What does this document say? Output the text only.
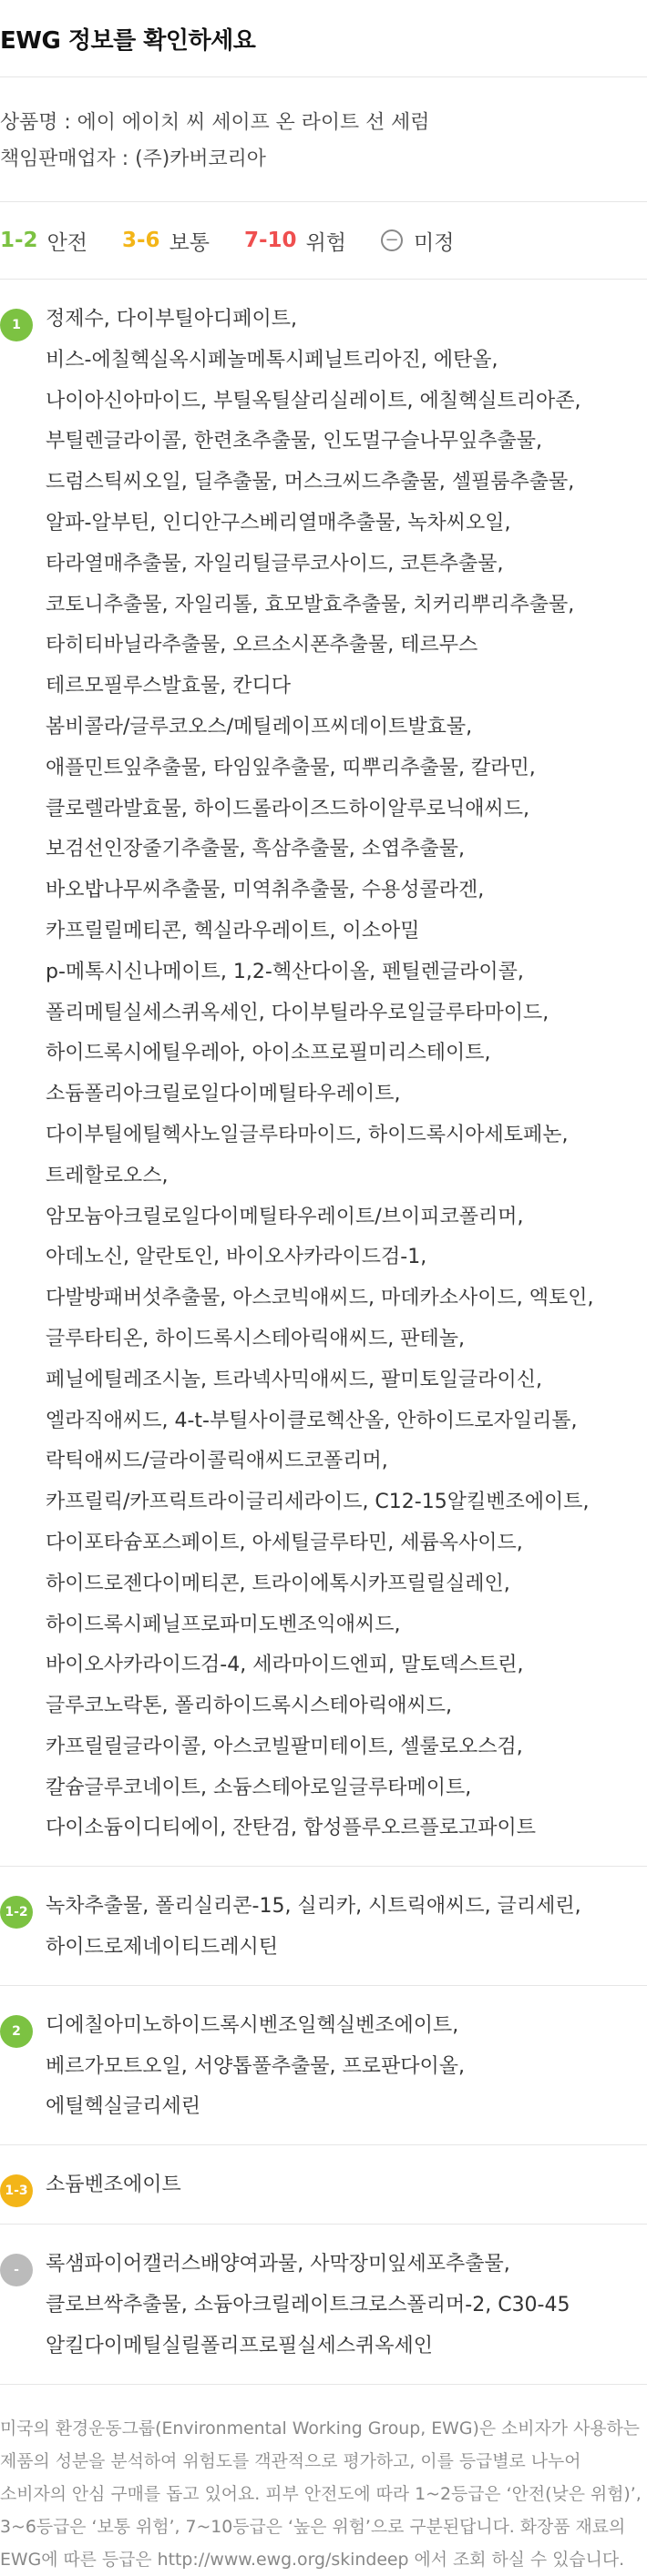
EWG 정보를 확인하세요
상품명 : 에이 에이치 씨 세이프 온 라이트 선 세럼
책임판매업자 : (주)카버코리아
1-2 안전 3-6 보통 7-10 위험 − 미정
1	정제수, 다이부틸아디페이트,
비스-에칠헥실옥시페놀메톡시페닐트리아진, 에탄올,
나이아신아마이드, 부틸옥틸살리실레이트, 에칠헥실트리아존,
부틸렌글라이콜, 한련초추출물, 인도멀구슬나무잎추출물,
드럼스틱씨오일, 딜추출물, 머스크씨드추출물, 셀필룸추출물,
알파-알부틴, 인디안구스베리열매추출물, 녹차씨오일,
타라열매추출물, 자일리틸글루코사이드, 코튼추출물,
코토니추출물, 자일리톨, 효모발효추출물, 치커리뿌리추출물,
타히티바닐라추출물, 오르소시폰추출물, 테르무스
테르모필루스발효물, 칸디다
봄비콜라/글루코오스/메틸레이프씨데이트발효물,
애플민트잎추출물, 타임잎추출물, 띠뿌리추출물, 칼라민,
클로렐라발효물, 하이드롤라이즈드하이알루로닉애씨드,
보검선인장줄기추출물, 흑삼추출물, 소엽추출물,
바오밥나무씨추출물, 미역취추출물, 수용성콜라겐,
카프릴릴메티콘, 헥실라우레이트, 이소아밀
p-메톡시신나메이트, 1,2-헥산다이올, 펜틸렌글라이콜,
폴리메틸실세스퀴옥세인, 다이부틸라우로일글루타마이드,
하이드록시에틸우레아, 아이소프로필미리스테이트,
소듐폴리아크릴로일다이메틸타우레이트,
다이부틸에틸헥사노일글루타마이드, 하이드록시아세토페논,
트레할로오스,
암모늄아크릴로일다이메틸타우레이트/브이피코폴리머,
아데노신, 알란토인, 바이오사카라이드검-1,
다발방패버섯추출물, 아스코빅애씨드, 마데카소사이드, 엑토인,
글루타티온, 하이드록시스테아릭애씨드, 판테놀,
페닐에틸레조시놀, 트라넥사믹애씨드, 팔미토일글라이신,
엘라직애씨드, 4-t-부틸사이클로헥산올, 안하이드로자일리톨,
락틱애씨드/글라이콜릭애씨드코폴리머,
카프릴릭/카프릭트라이글리세라이드, C12-15알킬벤조에이트,
다이포타슘포스페이트, 아세틸글루타민, 세륨옥사이드,
하이드로젠다이메티콘, 트라이에톡시카프릴릴실레인,
하이드록시페닐프로파미도벤조익애씨드,
바이오사카라이드검-4, 세라마이드엔피, 말토덱스트린,
글루코노락톤, 폴리하이드록시스테아릭애씨드,
카프릴릴글라이콜, 아스코빌팔미테이트, 셀룰로오스검,
칼슘글루코네이트, 소듐스테아로일글루타메이트,
다이소듐이디티에이, 잔탄검, 합성플루오르플로고파이트
1-2 녹차추출물, 폴리실리콘-15, 실리카, 시트릭애씨드, 글리세린,
하이드로제네이티드레시틴
2	디에칠아미노하이드록시벤조일헥실벤조에이트,
베르가모트오일, 서양톱풀추출물, 프로판다이올,
에틸헥실글리세린
1-3 소듐벤조에이트
-	록샘파이어캘러스배양여과물, 사막장미잎세포추출물,
클로브싹추출물, 소듐아크릴레이트크로스폴리머-2, C30-45
알킬다이메틸실릴폴리프로필실세스퀴옥세인
미국의 환경운동그룹(Environmental Working Group, EWG)은 소비자가 사용하는
제품의 성분을 분석하여 위험도를 객관적으로 평가하고, 이를 등급별로 나누어
소비자의 안심 구매를 돕고 있어요. 피부 안전도에 따라 1~2등급은 ‘안전(낮은 위험)’,
3~6등급은 ‘보통 위험’, 7~10등급은 ‘높은 위험’으로 구분된답니다. 화장품 재료의
EWG에 따른 등급은 http://www.ewg.org/skindeep 에서 조회 하실 수 있습니다.
